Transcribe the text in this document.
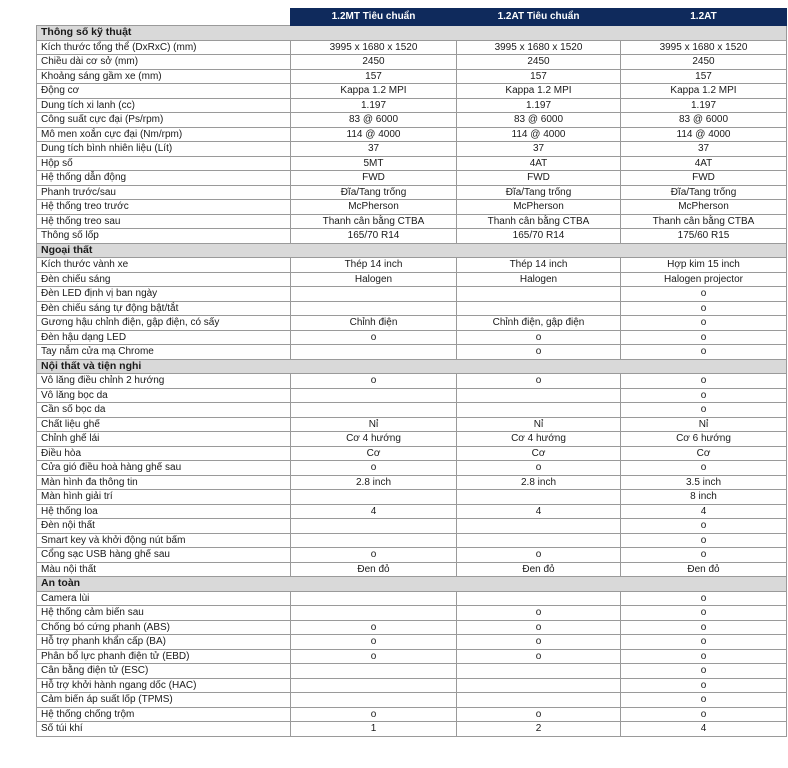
	1.2MT Tiêu chuẩn	1.2AT Tiêu chuẩn	1.2AT
Thông số kỹ thuật			
Kích thước tổng thể (DxRxC) (mm)	3995 x 1680 x 1520	3995 x 1680 x 1520	3995 x 1680 x 1520
Chiều dài cơ sở (mm)	2450	2450	2450
Khoảng sáng gầm xe (mm)	157	157	157
Động cơ	Kappa 1.2 MPI	Kappa 1.2 MPI	Kappa 1.2 MPI
Dung tích xi lanh (cc)	1.197	1.197	1.197
Công suất cực đại (Ps/rpm)	83 @ 6000	83 @ 6000	83 @ 6000
Mô men xoắn cực đại (Nm/rpm)	114 @ 4000	114 @ 4000	114 @ 4000
Dung tích bình nhiên liệu (Lít)	37	37	37
Hộp số	5MT	4AT	4AT
Hệ thống dẫn động	FWD	FWD	FWD
Phanh trước/sau	Đĩa/Tang trống	Đĩa/Tang trống	Đĩa/Tang trống
Hệ thống treo trước	McPherson	McPherson	McPherson
Hệ thống treo sau	Thanh cân bằng CTBA	Thanh cân bằng CTBA	Thanh cân bằng CTBA
Thông số lốp	165/70 R14	165/70 R14	175/60 R15
Ngoại thất			
Kích thước vành xe	Thép 14 inch	Thép 14 inch	Hợp kim 15 inch
Đèn chiếu sáng	Halogen	Halogen	Halogen projector
Đèn LED định vị ban ngày			o
Đèn chiếu sáng tự động bật/tắt			o
Gương hậu chỉnh điện, gập điện, có sấy	Chỉnh điện	Chỉnh điện, gập điện	o
Đèn hậu dạng LED	o	o	o
Tay nắm cửa mạ Chrome		o	o
Nội thất và tiện nghi			
Vô lăng điều chỉnh 2 hướng	o	o	o
Vô lăng bọc da			o
Cần số bọc da			o
Chất liệu ghế	Nỉ	Nỉ	Nỉ
Chỉnh ghế lái	Cơ 4 hướng	Cơ 4 hướng	Cơ 6 hướng
Điều hòa	Cơ	Cơ	Cơ
Cửa gió điều hoà hàng ghế sau	o	o	o
Màn hình đa thông tin	2.8 inch	2.8 inch	3.5 inch
Màn hình giải trí			8 inch
Hệ thống loa	4	4	4
Đèn nội thất			o
Smart key và khởi động nút bấm			o
Cổng sạc USB hàng ghế sau	o	o	o
Màu nội thất	Đen đỏ	Đen đỏ	Đen đỏ
An toàn			
Camera lùi			o
Hệ thống cảm biến sau		o	o
Chống bó cứng phanh (ABS)	o	o	o
Hỗ trợ phanh khẩn cấp (BA)	o	o	o
Phân bổ lực phanh điện tử (EBD)	o	o	o
Cân bằng điện tử (ESC)			o
Hỗ trợ khởi hành ngang dốc (HAC)			o
Cảm biến áp suất lốp (TPMS)			o
Hệ thống chống trộm	o	o	o
Số túi khí	1	2	4
